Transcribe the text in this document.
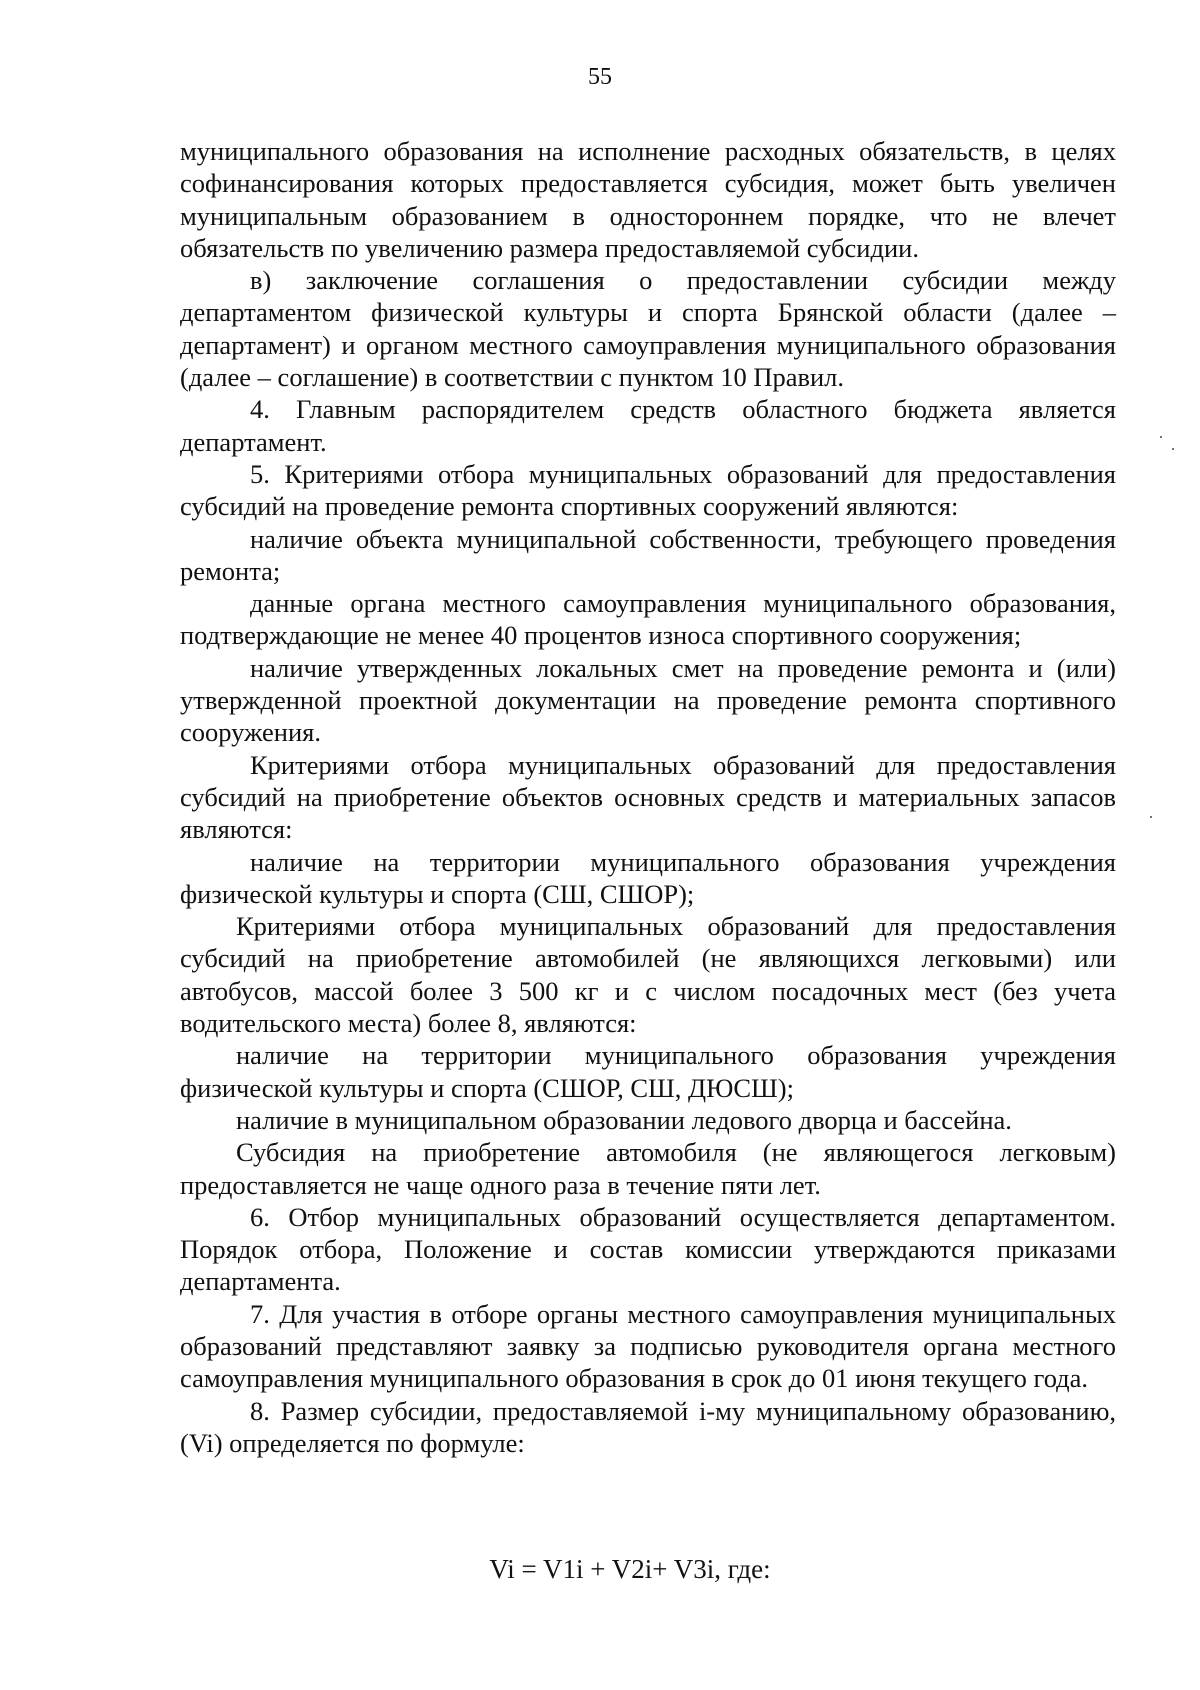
55

муниципального образования на исполнение расходных обязательств, в целях софинансирования которых предоставляется субсидия, может быть увеличен муниципальным образованием в одностороннем порядке, что не влечет обязательств по увеличению размера предоставляемой субсидии.

в) заключение соглашения о предоставлении субсидии между департаментом физической культуры и спорта Брянской области (далее – департамент) и органом местного самоуправления муниципального образования (далее – соглашение) в соответствии с пунктом 10 Правил.

4. Главным распорядителем средств областного бюджета является департамент.

5. Критериями отбора муниципальных образований для предоставления субсидий на проведение ремонта спортивных сооружений являются:

наличие объекта муниципальной собственности, требующего проведения ремонта;

данные органа местного самоуправления муниципального образования, подтверждающие не менее 40 процентов износа спортивного сооружения;

наличие утвержденных локальных смет на проведение ремонта и (или) утвержденной проектной документации на проведение ремонта спортивного сооружения.

Критериями отбора муниципальных образований для предоставления субсидий на приобретение объектов основных средств и материальных запасов являются:

наличие на территории муниципального образования учреждения физической культуры и спорта (СШ, СШОР);

Критериями отбора муниципальных образований для предоставления субсидий на приобретение автомобилей (не являющихся легковыми) или автобусов, массой более 3 500 кг и с числом посадочных мест (без учета водительского места) более 8, являются:

наличие на территории муниципального образования учреждения физической культуры и спорта (СШОР, СШ, ДЮСШ);

наличие в муниципальном образовании ледового дворца и бассейна.

Субсидия на приобретение автомобиля (не являющегося легковым) предоставляется не чаще одного раза в течение пяти лет.

6. Отбор муниципальных образований осуществляется департаментом. Порядок отбора, Положение и состав комиссии утверждаются приказами департамента.

7. Для участия в отборе органы местного самоуправления муниципальных образований представляют заявку за подписью руководителя органа местного самоуправления муниципального образования в срок до 01 июня текущего года.

8. Размер субсидии, предоставляемой i-му муниципальному образованию, (Vi) определяется по формуле:

Vi = V1i + V2i+ V3i, где:
